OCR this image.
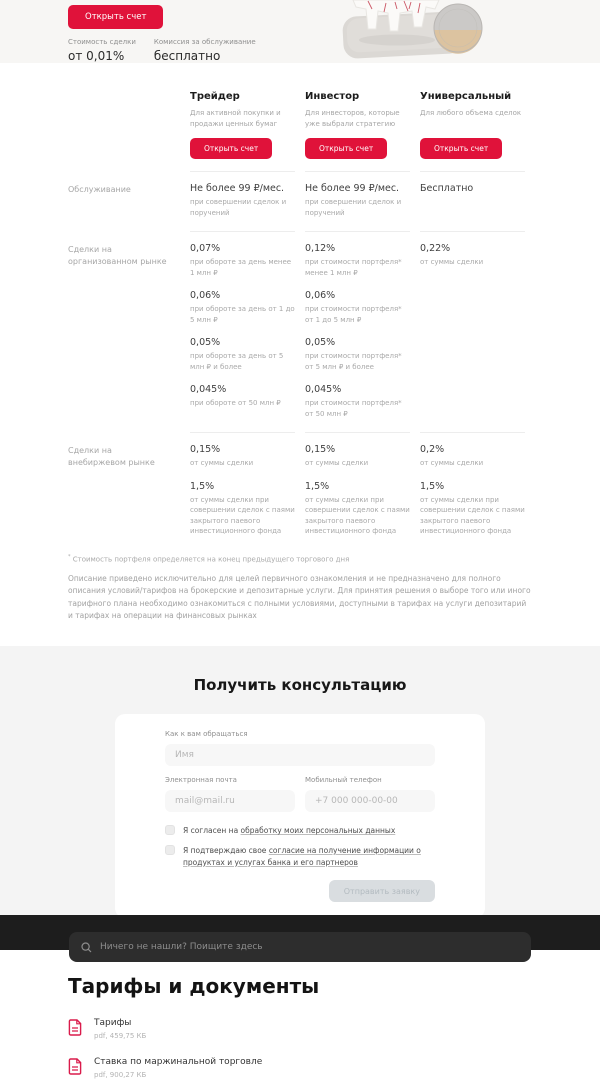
Открыть счет
Стоимость сделки
от 0,01%
Комиссия за обслуживание
бесплатно
Трейдер
Для активной покупки и продажи ценных бумаг
Открыть счет
Инвестор
Для инвесторов, которые уже выбрали стратегию
Открыть счет
Универсальный
Для любого объема сделок
Открыть счет
Обслуживание	Не более 99 ₽/мес.
при совершении сделок и поручений
Не более 99 ₽/мес.
при совершении сделок и поручений
Бесплатно
Сделки на организованном рынке
0,07%
при обороте за день менее 1 млн ₽
0,06%
при обороте за день от 1 до 5 млн ₽
0,05%
при обороте за день от 5 млн ₽ и более
0,045%
при обороте от 50 млн ₽
0,12%
при стоимости портфеля* менее 1 млн ₽
0,06%
при стоимости портфеля* от 1 до 5 млн ₽
0,05%
при стоимости портфеля* от 5 млн ₽ и более
0,045%
при стоимости портфеля* от 50 млн ₽
0,22%
от суммы сделки
Сделки на внебиржевом рынке
0,15%
от суммы сделки
1,5%
от суммы сделки при совершении сделок с паями закрытого паевого инвестиционного фонда
0,15%
от суммы сделки
1,5%
от суммы сделки при совершении сделок с паями закрытого паевого инвестиционного фонда
0,2%
от суммы сделки
1,5%
от суммы сделки при совершении сделок с паями закрытого паевого инвестиционного фонда

* Стоимость портфеля определяется на конец предыдущего торгового дня

Описание приведено исключительно для целей первичного ознакомления и не предназначено для полного описания условий/тарифов на брокерские и депозитарные услуги. Для принятия решения о выборе того или иного тарифного плана необходимо ознакомиться с полными условиями, доступными в тарифах на услуги депозитарий и тарифах на операции на финансовых рынках

Получить консультацию
Как к вам обращаться
Имя
Электронная почта
mail@mail.ru	Мобильный телефон
+7 000 000-00-00
Я согласен на обработку моих персональных данных
Я подтверждаю свое согласие на получение информации о продуктах и услугах банка и его партнеров
Отправить заявку
Тарифы и документы
Тарифы
pdf, 459,75 КБ
Ставка по маржинальной торговле
pdf, 900,27 КБ
Ничего не нашли? Поищите здесь
